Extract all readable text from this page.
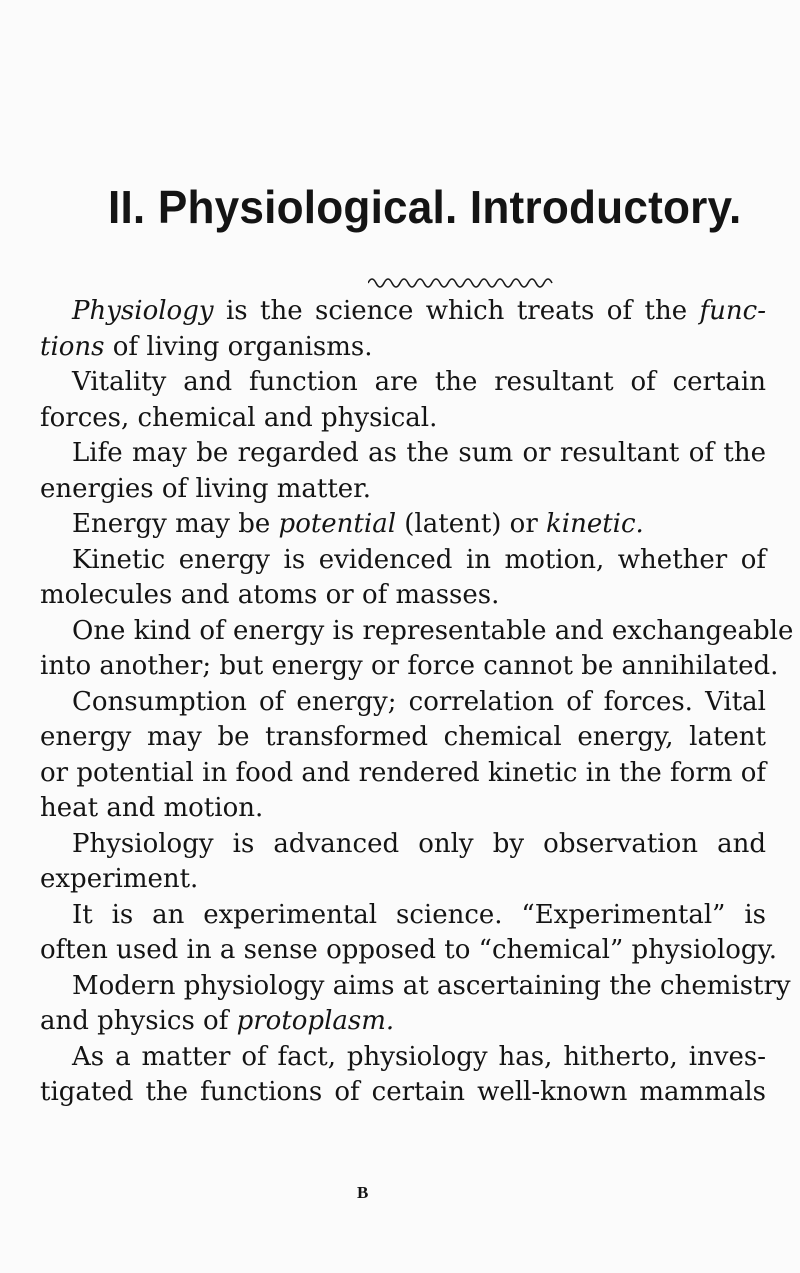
II. Physiological. Introductory.
Physiology is the science which treats of the func-
tions of living organisms.
Vitality and function are the resultant of certain
forces, chemical and physical.
Life may be regarded as the sum or resultant of the
energies of living matter.
Energy may be potential (latent) or kinetic.
Kinetic energy is evidenced in motion, whether of
molecules and atoms or of masses.
One kind of energy is representable and exchangeable
into another; but energy or force cannot be annihilated.
Consumption of energy; correlation of forces. Vital
energy may be transformed chemical energy, latent
or potential in food and rendered kinetic in the form of
heat and motion.
Physiology is advanced only by observation and
experiment.
It is an experimental science. “Experimental” is
often used in a sense opposed to “chemical” physiology.
Modern physiology aims at ascertaining the chemistry
and physics of protoplasm.
As a matter of fact, physiology has, hitherto, inves-
tigated the functions of certain well-known mammals
B
